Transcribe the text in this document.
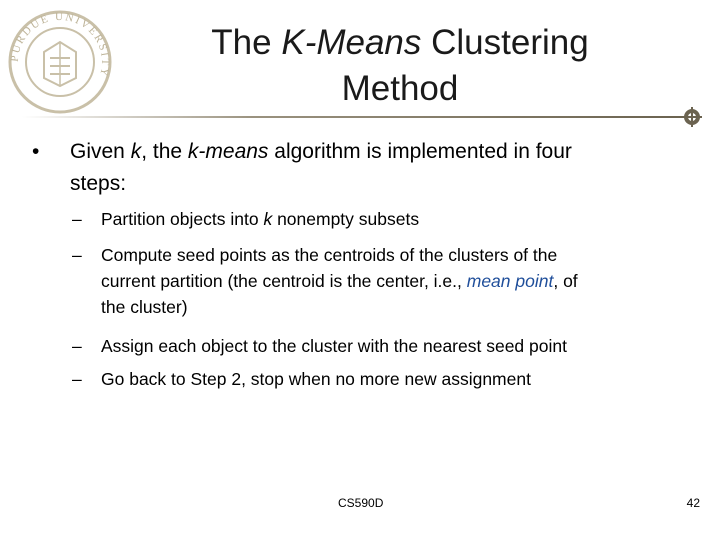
PURDUE UNIVERSITY
The K-Means Clustering
Method
• Given k, the k-means algorithm is implemented in four
steps:
– Partition objects into k nonempty subsets
– Compute seed points as the centroids of the clusters of the
current partition (the centroid is the center, i.e., mean point, of
the cluster)
– Assign each object to the cluster with the nearest seed point
– Go back to Step 2, stop when no more new assignment
CS590D	42
